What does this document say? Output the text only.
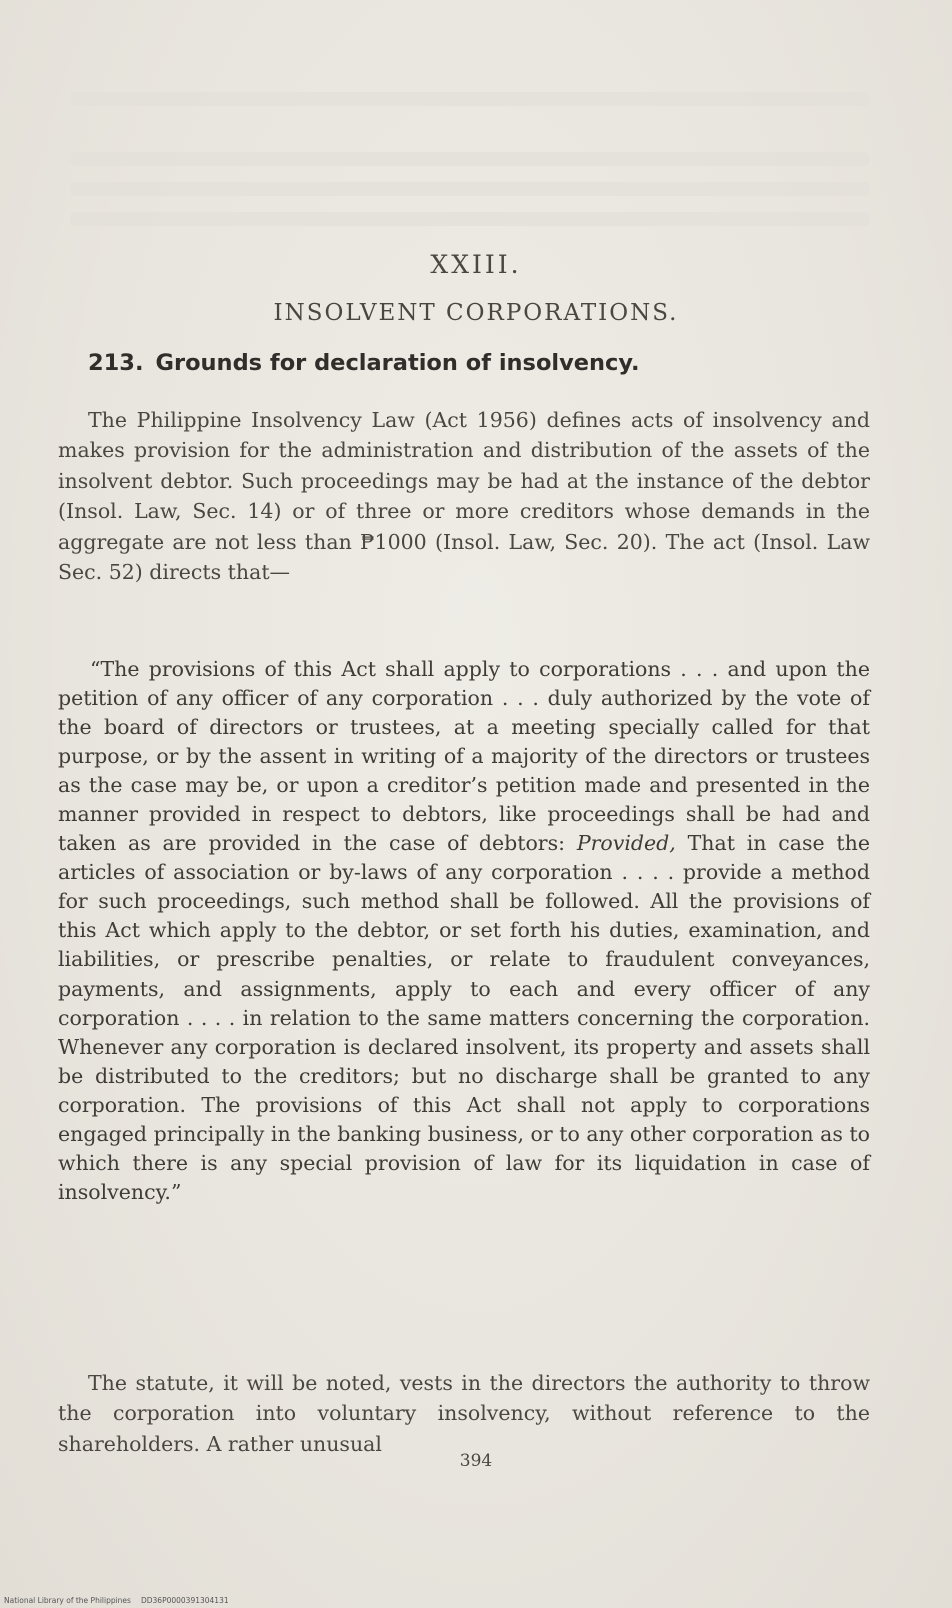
XXIII.
INSOLVENT CORPORATIONS.
213. Grounds for declaration of insolvency.

The Philippine Insolvency Law (Act 1956) defines acts of insolvency and makes provision for the administration and distribution of the assets of the insolvent debtor. Such proceedings may be had at the instance of the debtor (Insol. Law, Sec. 14) or of three or more creditors whose demands in the aggregate are not less than ₱1000 (Insol. Law, Sec. 20). The act (Insol. Law Sec. 52) directs that—

“The provisions of this Act shall apply to corporations . . . and upon the petition of any officer of any corporation . . . duly authorized by the vote of the board of directors or trustees, at a meeting specially called for that purpose, or by the assent in writing of a majority of the directors or trustees as the case may be, or upon a creditor’s petition made and presented in the manner provided in respect to debtors, like proceedings shall be had and taken as are provided in the case of debtors: Provided, That in case the articles of association or by-laws of any corporation . . . . provide a method for such proceedings, such method shall be followed. All the provisions of this Act which apply to the debtor, or set forth his duties, examination, and liabilities, or prescribe penalties, or relate to fraudulent conveyances, payments, and assignments, apply to each and every officer of any corporation . . . . in relation to the same matters concerning the corporation. Whenever any corporation is declared insolvent, its property and assets shall be distributed to the creditors; but no discharge shall be granted to any corporation. The provisions of this Act shall not apply to corporations engaged principally in the banking business, or to any other corporation as to which there is any special provision of law for its liquidation in case of insolvency.”

The statute, it will be noted, vests in the directors the authority to throw the corporation into voluntary insolvency, without reference to the shareholders. A rather unusual

394
National Library of the Philippines DD36P0000391304131
